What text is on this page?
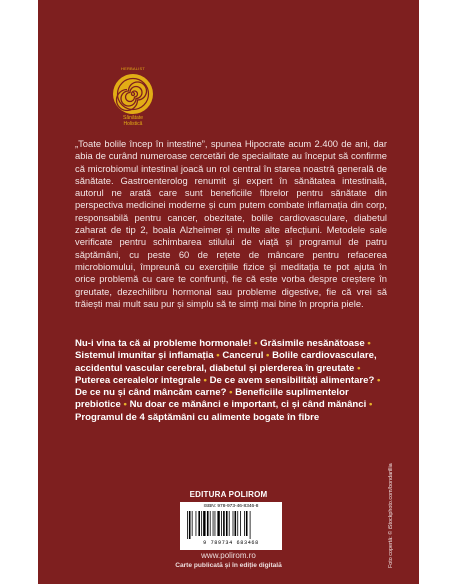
HERBALIST
Sănătate
Holistică
„Toate bolile încep în intestine”, spunea Hipocrate acum 2.400 de ani, dar abia de curând numeroase cercetări de specialitate au început să confirme că microbiomul intestinal joacă un rol central în starea noastră generală de sănătate. Gastroenterolog renumit și expert în sănătatea intestinală, autorul ne arată care sunt beneficiile fibrelor pentru sănătate din perspectiva medicinei moderne și cum putem combate inflamația din corp, responsabilă pentru cancer, obezitate, bolile cardiovasculare, diabetul zaharat de tip 2, boala Alzheimer și multe alte afecțiuni. Metodele sale verificate pentru schimbarea stilului de viață și programul de patru săptămâni, cu peste 60 de rețete de mâncare pentru refacerea microbiomului, împreună cu exercițiile fizice și meditația te pot ajuta în orice problemă cu care te confrunți, fie că este vorba despre creștere în greutate, dezechilibru hormonal sau probleme digestive, fie că vrei să trăiești mai mult sau pur și simplu să te simți mai bine în propria piele.
Nu-i vina ta că ai probleme hormonale! • Grăsimile nesănătoase • Sistemul imunitar și inflamația • Cancerul • Bolile cardiovasculare, accidentul vascular cerebral, diabetul și pierderea în greutate • Puterea cerealelor integrale • De ce avem sensibilități alimentare? • De ce nu și când mâncăm carne? • Beneficiile suplimentelor prebiotice • Nu doar ce mănânci e important, ci și când mănânci • Programul de 4 săptămâni cu alimente bogate în fibre
EDITURA POLIROM
ISBN: 978-973-46-8346-8
9 789734 683468
www.polirom.ro
Carte publicată și în ediție digitală	Foto copertă: © iStockphoto.com/bondarillia
